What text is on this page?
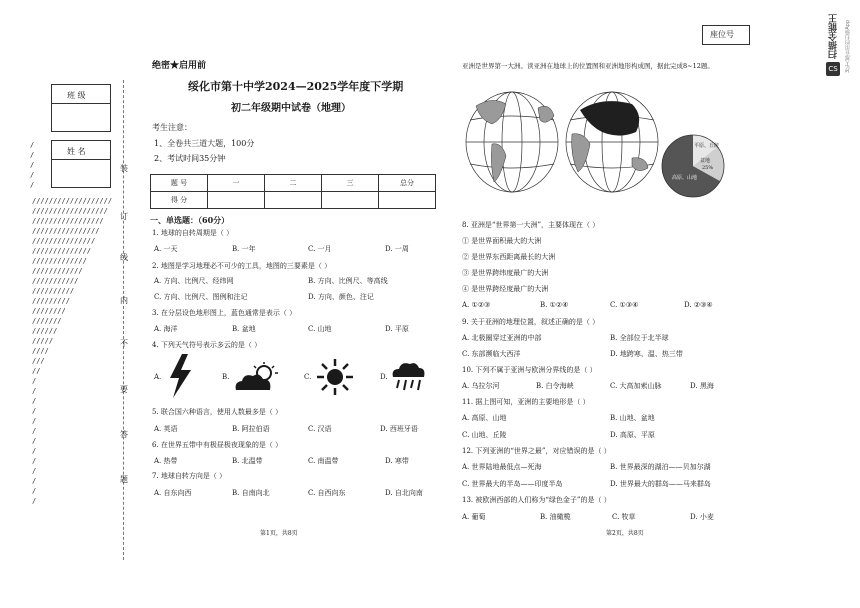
座位号
CS
扫描全能王 3亿人都在用的扫描App
班 级
姓 名
///////////////////
//////////////////
/////////////////
////////////////
///////////////
//////////////
/////////////
////////////
///////////
//////////
/////////
////////
///////
//////
/////
////
///
//
/
/
/
/
/
/
/
/
/
/
/
/
/
/
/
/
/
/
装
订
线
内
不
要
答
题
绝密★启用前
绥化市第十中学2024—2025学年度下学期
初二年级期中试卷（地理）
考生注意：
1、全卷共三道大题，100分
2、考试时间35分钟
题 号	一	二	三	总分
得 分				
一、单选题：（60分）
1. 地球的自转周期是（ ）
A. 一天	B. 一年	C. 一月	D. 一周
2. 地图是学习地理必不可少的工具，地图的三要素是（ ）
A. 方向、比例尺、经纬网	B. 方向、比例尺、等高线
C. 方向、比例尺、图例和注记	D. 方向、颜色、注记
3. 在分层设色地形图上，蓝色通常是表示（ ）
A. 海洋	B. 盆地	C. 山地	D. 平原
4. 下列天气符号表示多云的是（ ）
A.	B.	C.	D.
5. 联合国六种语言，使用人数最多是（ ）
A. 英语	B. 阿拉伯语	C. 汉语	D. 西班牙语
6. 在世界五带中有极昼极夜现象的是（ ）
A. 热带	B. 北温带	C. 南温带	D. 寒带
7. 地球自转方向是（ ）
A. 自东向西	B. 自南向北	C. 自西向东	D. 自北向南
第1页，共8页
亚洲是世界第一大洲。读亚洲在地球上的位置图和亚洲地形构成图，据此完成8~12题。
平原、丘陵
盆地
25%
高原、山地
8. 亚洲是“世界第一大洲”，主要体现在（ ）
① 是世界面积最大的大洲
② 是世界东西距离最长的大洲
③ 是世界跨纬度最广的大洲
④ 是世界跨经度最广的大洲
A. ①②③	B. ①②④	C. ①③④	D. ②③④
9. 关于亚洲的地理位置，叙述正确的是（ ）
A. 北极圈穿过亚洲的中部	B. 全部位于北半球
C. 东部濒临大西洋	D. 地跨寒、温、热三带
10. 下列不属于亚洲与欧洲分界线的是（ ）
A. 乌拉尔河	B. 白令海峡	C. 大高加索山脉	D. 黑海
11. 据上图可知，亚洲的主要地形是（ ）
A. 高原、山地	B. 山地、盆地
C. 山地、丘陵	D. 高原、平原
12. 下列亚洲的“世界之最”，对应错误的是（ ）
A. 世界陆地最低点—死海	B. 世界最深的湖泊——贝加尔湖
C. 世界最大的半岛——印度半岛	D. 世界最大的群岛——马来群岛
13. 被欧洲西部的人们称为“绿色金子”的是（ ）
A. 葡萄	B. 油橄榄	C. 牧草	D. 小麦
第2页，共8页
